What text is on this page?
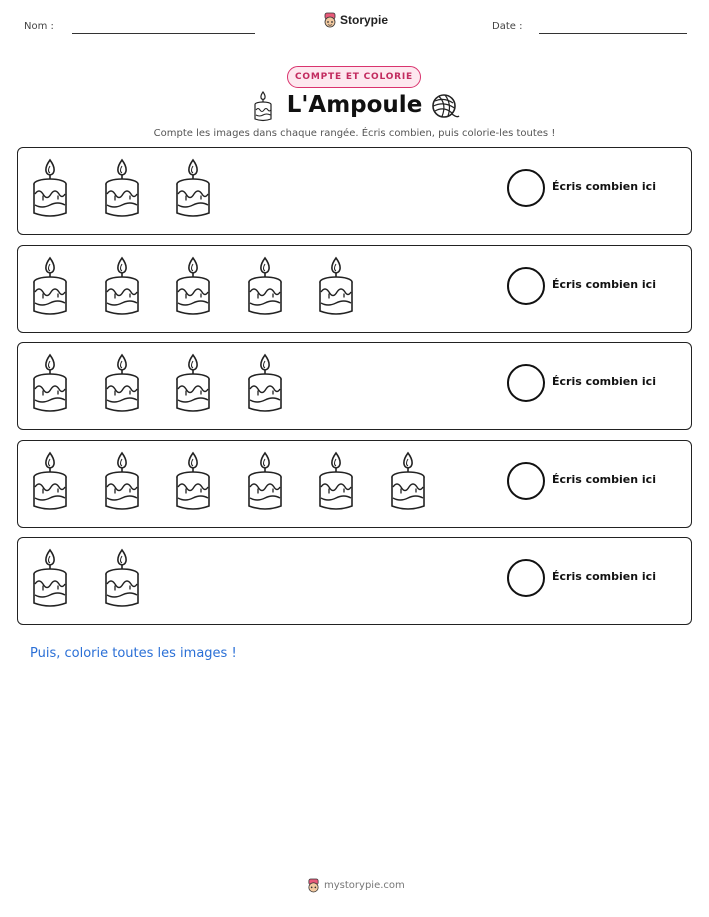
Nom :	Storypie	Date :
COMPTE ET COLORIE
L'Ampoule
Compte les images dans chaque rangée. Écris combien, puis colorie-les toutes !
Écris combien ici
Écris combien ici
Écris combien ici
Écris combien ici
Écris combien ici
Puis, colorie toutes les images !
mystorypie.com
